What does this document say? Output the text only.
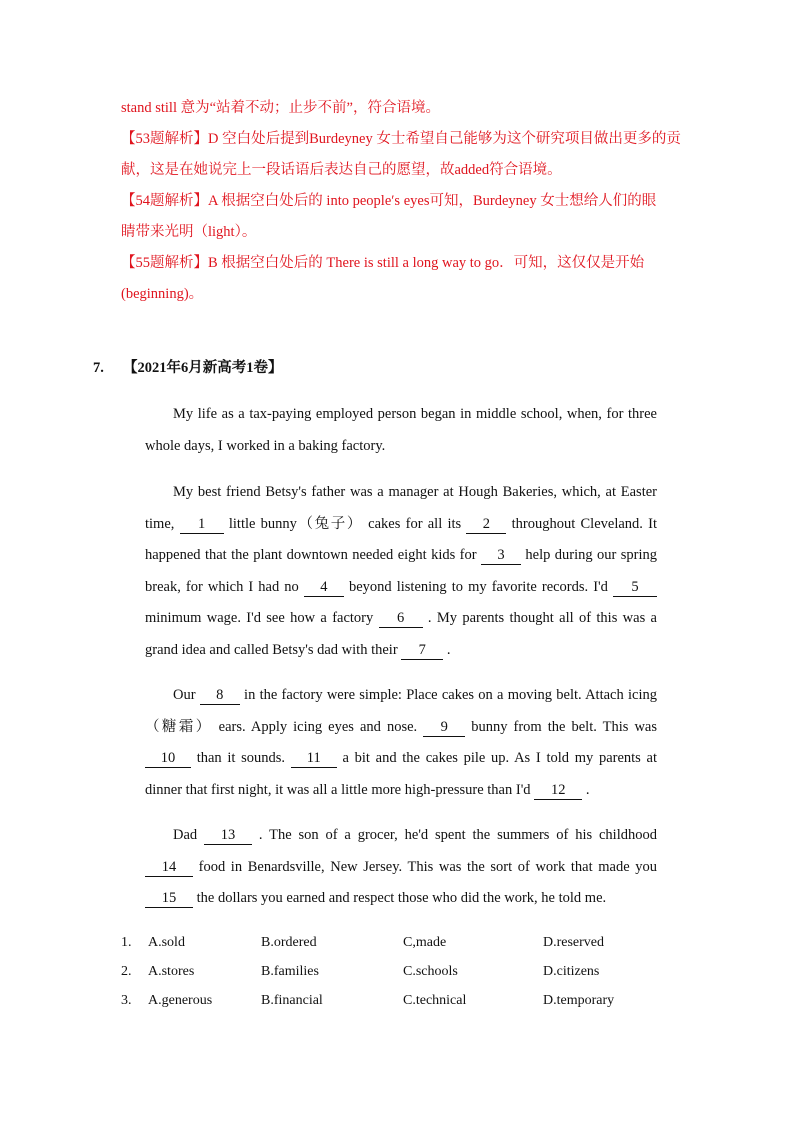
stand still 意为“站着不动；止步不前”，符合语境。
【53题解析】D 空白处后提到Burdeyney 女士希望自己能够为这个研究项目做出更多的贡
献，这是在她说完上一段话语后表达自己的愿望，故added符合语境。
【54题解析】A 根据空白处后的 into people′s eyes可知，Burdeyney 女士想给人们的眼
睛带来光明（light）。
【55题解析】B 根据空白处后的 There is still a long way to go．可知，这仅仅是开始
(beginning)。
7. 【2021年6月新高考1卷】
My life as a tax-paying employed person began in middle school, when, for three whole days, I worked in a baking factory.
My best friend Betsy's father was a manager at Hough Bakeries, which, at Easter time, 1 little bunny（兔子） cakes for all its 2 throughout Cleveland. It happened that the plant downtown needed eight kids for 3 help during our spring break, for which I had no 4 beyond listening to my favorite records. I'd 5 minimum wage. I'd see how a factory 6 . My parents thought all of this was a grand idea and called Betsy's dad with their 7 .
Our 8 in the factory were simple: Place cakes on a moving belt. Attach icing（糖霜） ears. Apply icing eyes and nose. 9 bunny from the belt. This was 10 than it sounds. 11 a bit and the cakes pile up. As I told my parents at dinner that first night, it was all a little more high-pressure than I'd 12 .
Dad 13 . The son of a grocer, he'd spent the summers of his childhood 14 food in Benardsville, New Jersey. This was the sort of work that made you 15 the dollars you earned and respect those who did the work, he told me.
1. A.sold	B.ordered	C,made	D.reserved
2. A.stores	B.families	C.schools	D.citizens
3. A.generous	B.financial	C.technical	D.temporary
